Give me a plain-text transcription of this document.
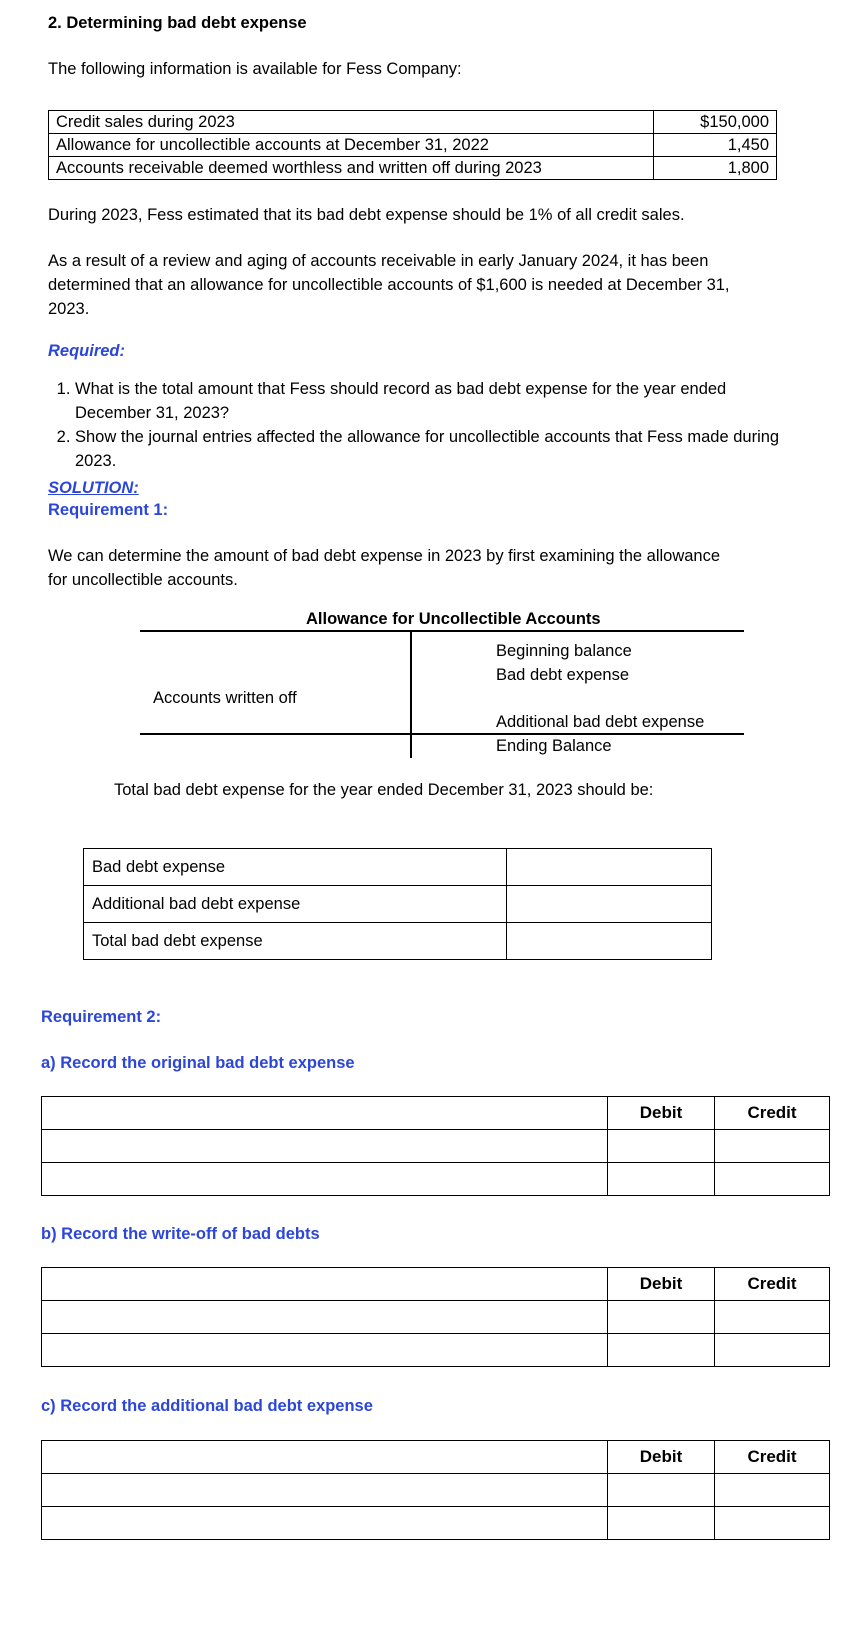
2. Determining bad debt expense
The following information is available for Fess Company:
Credit sales during 2023	$150,000
Allowance for uncollectible accounts at December 31, 2022	1,450
Accounts receivable deemed worthless and written off during 2023	1,800

During 2023, Fess estimated that its bad debt expense should be 1% of all credit sales.

As a result of a review and aging of accounts receivable in early January 2024, it has been determined that an allowance for uncollectible accounts of $1,600 is needed at December 31, 2023.

Required:
1. What is the total amount that Fess should record as bad debt expense for the year ended December 31, 2023?
2. Show the journal entries affected the allowance for uncollectible accounts that Fess made during 2023.
SOLUTION:
Requirement 1:

We can determine the amount of bad debt expense in 2023 by first examining the allowance for uncollectible accounts.

Allowance for Uncollectible Accounts
Beginning balance
Bad debt expense
Accounts written off
Additional bad debt expense
Ending Balance
Total bad debt expense for the year ended December 31, 2023 should be:
Bad debt expense	
Additional bad debt expense	
Total bad debt expense	
Requirement 2:
a) Record the original bad debt expense
	Debit	Credit

b) Record the write-off of bad debts
	Debit	Credit

c) Record the additional bad debt expense
	Debit	Credit
